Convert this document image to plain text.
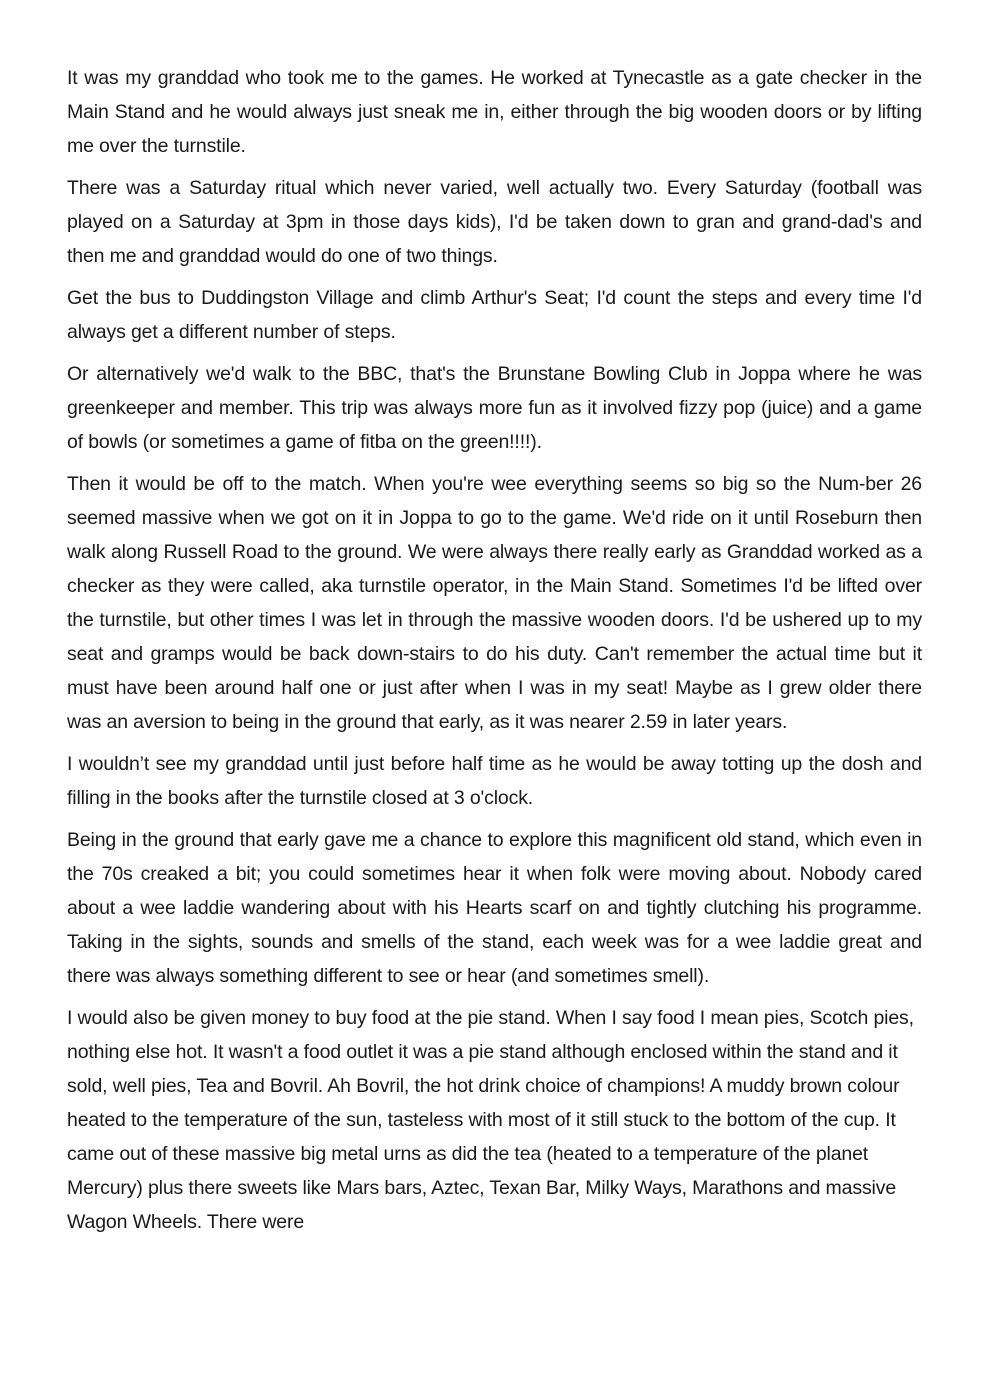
It was my granddad who took me to the games. He worked at Tynecastle as a gate checker in the Main Stand and he would always just sneak me in, either through the big wooden doors or by lifting me over the turnstile.

There was a Saturday ritual which never varied, well actually two. Every Saturday (football was played on a Saturday at 3pm in those days kids), I'd be taken down to gran and grand-dad's and then me and granddad would do one of two things.

Get the bus to Duddingston Village and climb Arthur's Seat; I'd count the steps and every time I'd always get a different number of steps.

Or alternatively we'd walk to the BBC, that's the Brunstane Bowling Club in Joppa where he was greenkeeper and member. This trip was always more fun as it involved fizzy pop (juice) and a game of bowls (or sometimes a game of fitba on the green!!!!).

Then it would be off to the match. When you're wee everything seems so big so the Num-ber 26 seemed massive when we got on it in Joppa to go to the game. We'd ride on it until Roseburn then walk along Russell Road to the ground. We were always there really early as Granddad worked as a checker as they were called, aka turnstile operator, in the Main Stand. Sometimes I'd be lifted over the turnstile, but other times I was let in through the massive wooden doors. I'd be ushered up to my seat and gramps would be back down-stairs to do his duty. Can't remember the actual time but it must have been around half one or just after when I was in my seat! Maybe as I grew older there was an aversion to being in the ground that early, as it was nearer 2.59 in later years.

I wouldn’t see my granddad until just before half time as he would be away totting up the dosh and filling in the books after the turnstile closed at 3 o'clock.

Being in the ground that early gave me a chance to explore this magnificent old stand, which even in the 70s creaked a bit; you could sometimes hear it when folk were moving about. Nobody cared about a wee laddie wandering about with his Hearts scarf on and tightly clutching his programme. Taking in the sights, sounds and smells of the stand, each week was for a wee laddie great and there was always something different to see or hear (and sometimes smell).

I would also be given money to buy food at the pie stand. When I say food I mean pies, Scotch pies, nothing else hot. It wasn't a food outlet it was a pie stand although enclosed within the stand and it sold, well pies, Tea and Bovril. Ah Bovril, the hot drink choice of champions! A muddy brown colour heated to the temperature of the sun, tasteless with most of it still stuck to the bottom of the cup. It came out of these massive big metal urns as did the tea (heated to a temperature of the planet Mercury) plus there sweets like Mars bars, Aztec, Texan Bar, Milky Ways, Marathons and massive Wagon Wheels. There were
